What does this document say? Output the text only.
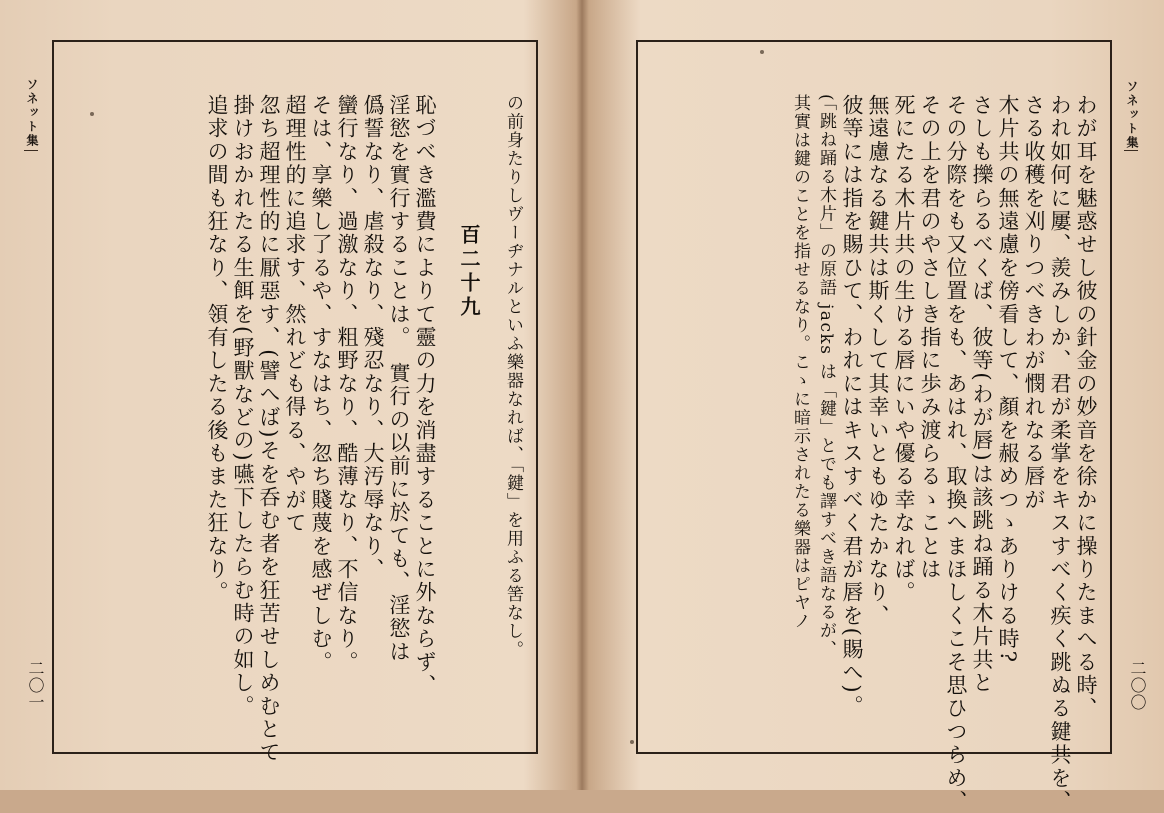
ソネット集
二〇一
の前身たりしヴーヂナルといふ樂器なれば、「鍵」を用ふる筈なし。
百二十九
恥づべき濫費によりて靈の力を消盡することに外ならず、
淫慾を實行することは。　實行の以前に於ても、淫慾は
僞誓なり、虐殺なり、殘忍なり、大汚辱なり、
蠻行なり、過激なり、粗野なり、酷薄なり、不信なり。
そは、享樂し了るや、すなはち、忽ち賤蔑を感ぜしむ。
超理性的に追求す、然れども得る、やがて
忽ち超理性的に厭惡す、(譬へば)そを呑む者を狂苦せしめむとて
掛けおかれたる生餌を(野獸などの)嚥下したらむ時の如し。
追求の間も狂なり、領有したる後もまた狂なり。	ソネット集
二〇〇
わが耳を魅惑せし彼の針金の妙音を徐かに操りたまへる時、
われ如何に屢、羨みしか、君が柔掌をキスすべく疾く跳ぬる鍵共を、
さる收穫を刈りつべきわが憫れなる唇が
木片共の無遠慮を傍看して、顏を赧めつゝありける時?
さしも擽らるべくば、彼等(わが唇)は該跳ね踊る木片共と
その分際をも又位置をも、あはれ、取換へまほしくこそ思ひつらめ、
その上を君のやさしき指に歩み渡らるゝことは
死にたる木片共の生ける唇にいや優る幸なれば。
無遠慮なる鍵共は斯くして其幸いともゆたかなり、
彼等には指を賜ひて、われにはキスすべく君が唇を(賜へ)。
(「跳ね踊る木片」の原語 jacks は「鍵」とでも譯すべき語なるが、
其實は鍵のことを指せるなり。こゝに暗示されたる樂器はピヤノ
